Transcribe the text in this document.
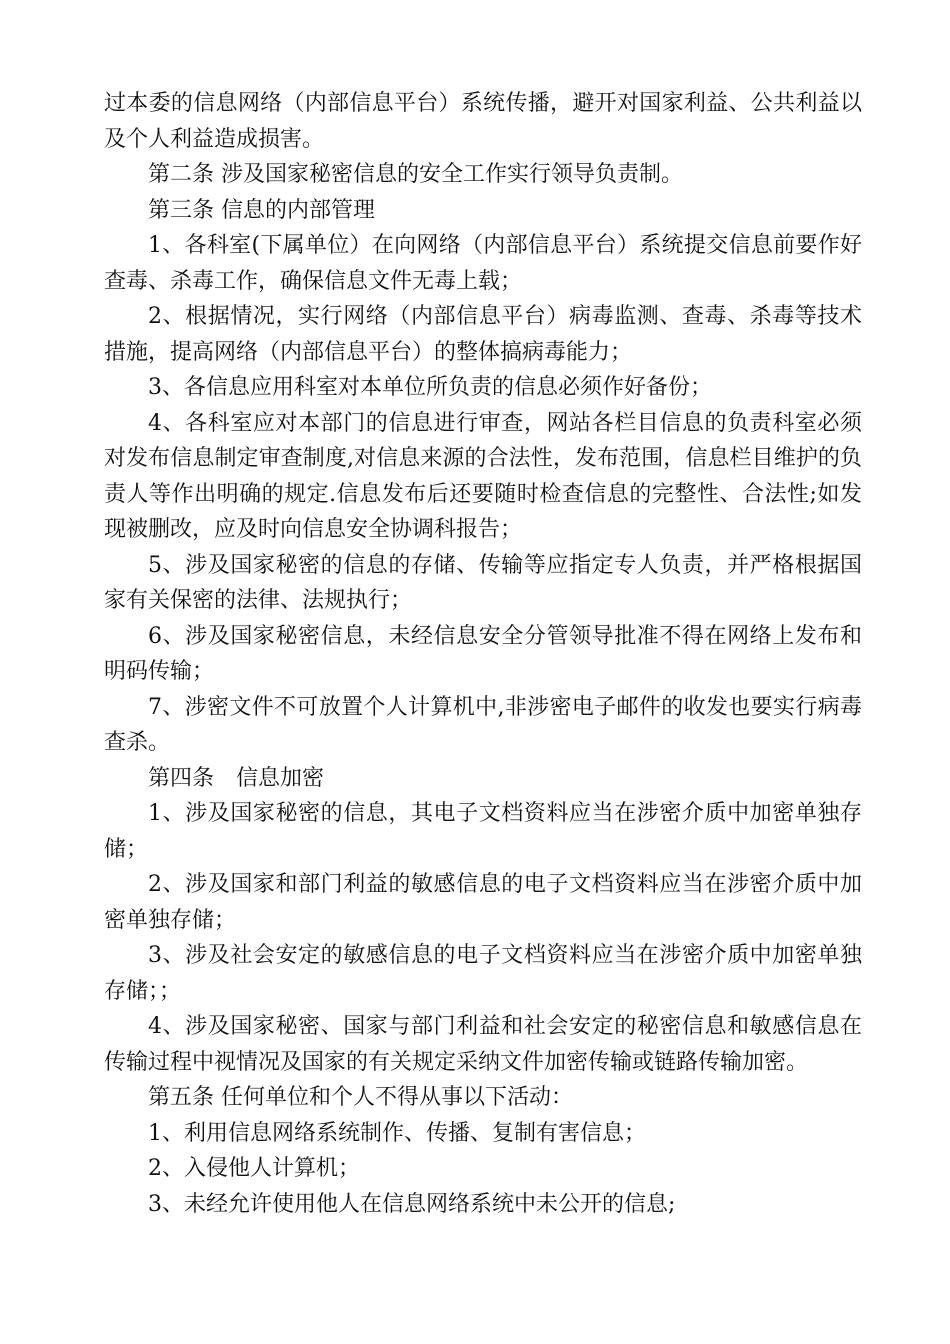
过本委的信息网络（内部信息平台）系统传播，避开对国家利益、公共利益以及个人利益造成损害。

第二条 涉及国家秘密信息的安全工作实行领导负责制。

第三条 信息的内部管理

1、各科室(下属单位）在向网络（内部信息平台）系统提交信息前要作好查毒、杀毒工作，确保信息文件无毒上载；

2、根据情况，实行网络（内部信息平台）病毒监测、查毒、杀毒等技术措施，提高网络（内部信息平台）的整体搞病毒能力；

3、各信息应用科室对本单位所负责的信息必须作好备份；

4、各科室应对本部门的信息进行审查，网站各栏目信息的负责科室必须对发布信息制定审查制度,对信息来源的合法性，发布范围，信息栏目维护的负责人等作出明确的规定.信息发布后还要随时检查信息的完整性、合法性;如发现被删改，应及时向信息安全协调科报告；

5、涉及国家秘密的信息的存储、传输等应指定专人负责，并严格根据国家有关保密的法律、法规执行；

6、涉及国家秘密信息，未经信息安全分管领导批准不得在网络上发布和明码传输；

7、涉密文件不可放置个人计算机中,非涉密电子邮件的收发也要实行病毒查杀。

第四条　信息加密

1、涉及国家秘密的信息，其电子文档资料应当在涉密介质中加密单独存储；

2、涉及国家和部门利益的敏感信息的电子文档资料应当在涉密介质中加密单独存储；

3、涉及社会安定的敏感信息的电子文档资料应当在涉密介质中加密单独存储；；

4、涉及国家秘密、国家与部门利益和社会安定的秘密信息和敏感信息在传输过程中视情况及国家的有关规定采纳文件加密传输或链路传输加密。

第五条 任何单位和个人不得从事以下活动：

1、利用信息网络系统制作、传播、复制有害信息；

2、入侵他人计算机；

3、未经允许使用他人在信息网络系统中未公开的信息;
